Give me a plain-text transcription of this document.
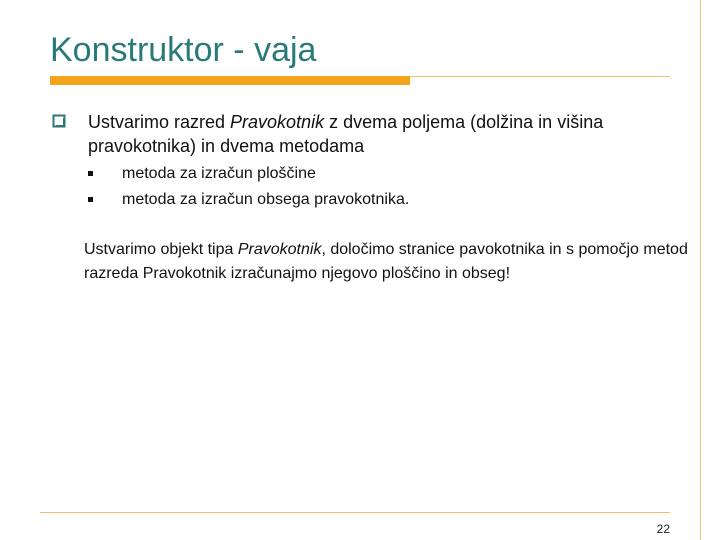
Konstruktor - vaja
Ustvarimo razred Pravokotnik z dvema poljema (dolžina in višina pravokotnika) in dvema metodama
metoda za izračun ploščine
metoda za izračun obsega pravokotnika.
Ustvarimo objekt tipa Pravokotnik, določimo stranice pavokotnika in s pomočjo metod razreda Pravokotnik izračunajmo njegovo ploščino in obseg!
22
